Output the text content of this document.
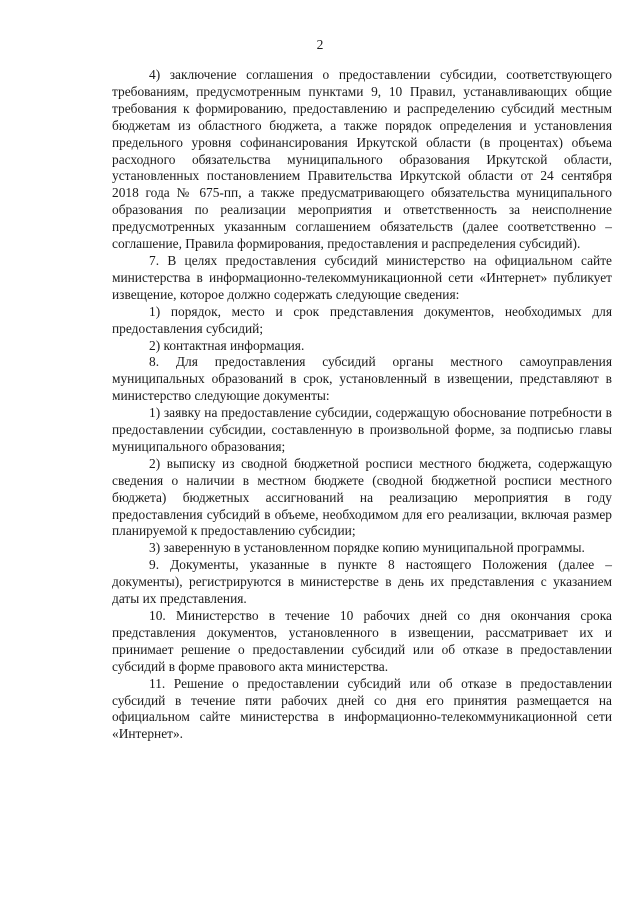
2

4) заключение соглашения о предоставлении субсидии, соответствующего требованиям, предусмотренным пунктами 9, 10 Правил, устанавливающих общие требования к формированию, предоставлению и распределению субсидий местным бюджетам из областного бюджета, а также порядок определения и установления предельного уровня софинансирования Иркутской области (в процентах) объема расходного обязательства муниципального образования Иркутской области, установленных постановлением Правительства Иркутской области от 24 сентября 2018 года № 675-пп, а также предусматривающего обязательства муниципального образования по реализации мероприятия и ответственность за неисполнение предусмотренных указанным соглашением обязательств (далее соответственно – соглашение, Правила формирования, предоставления и распределения субсидий).

7. В целях предоставления субсидий министерство на официальном сайте министерства в информационно-телекоммуникационной сети «Интернет» публикует извещение, которое должно содержать следующие сведения:

1) порядок, место и срок представления документов, необходимых для предоставления субсидий;

2) контактная информация.

8. Для предоставления субсидий органы местного самоуправления муниципальных образований в срок, установленный в извещении, представляют в министерство следующие документы:

1) заявку на предоставление субсидии, содержащую обоснование потребности в предоставлении субсидии, составленную в произвольной форме, за подписью главы муниципального образования;

2) выписку из сводной бюджетной росписи местного бюджета, содержащую сведения о наличии в местном бюджете (сводной бюджетной росписи местного бюджета) бюджетных ассигнований на реализацию мероприятия в году предоставления субсидий в объеме, необходимом для его реализации, включая размер планируемой к предоставлению субсидии;

3) заверенную в установленном порядке копию муниципальной программы.

9. Документы, указанные в пункте 8 настоящего Положения (далее – документы), регистрируются в министерстве в день их представления с указанием даты их представления.

10. Министерство в течение 10 рабочих дней со дня окончания срока представления документов, установленного в извещении, рассматривает их и принимает решение о предоставлении субсидий или об отказе в предоставлении субсидий в форме правового акта министерства.

11. Решение о предоставлении субсидий или об отказе в предоставлении субсидий в течение пяти рабочих дней со дня его принятия размещается на официальном сайте министерства в информационно-телекоммуникационной сети «Интернет».
